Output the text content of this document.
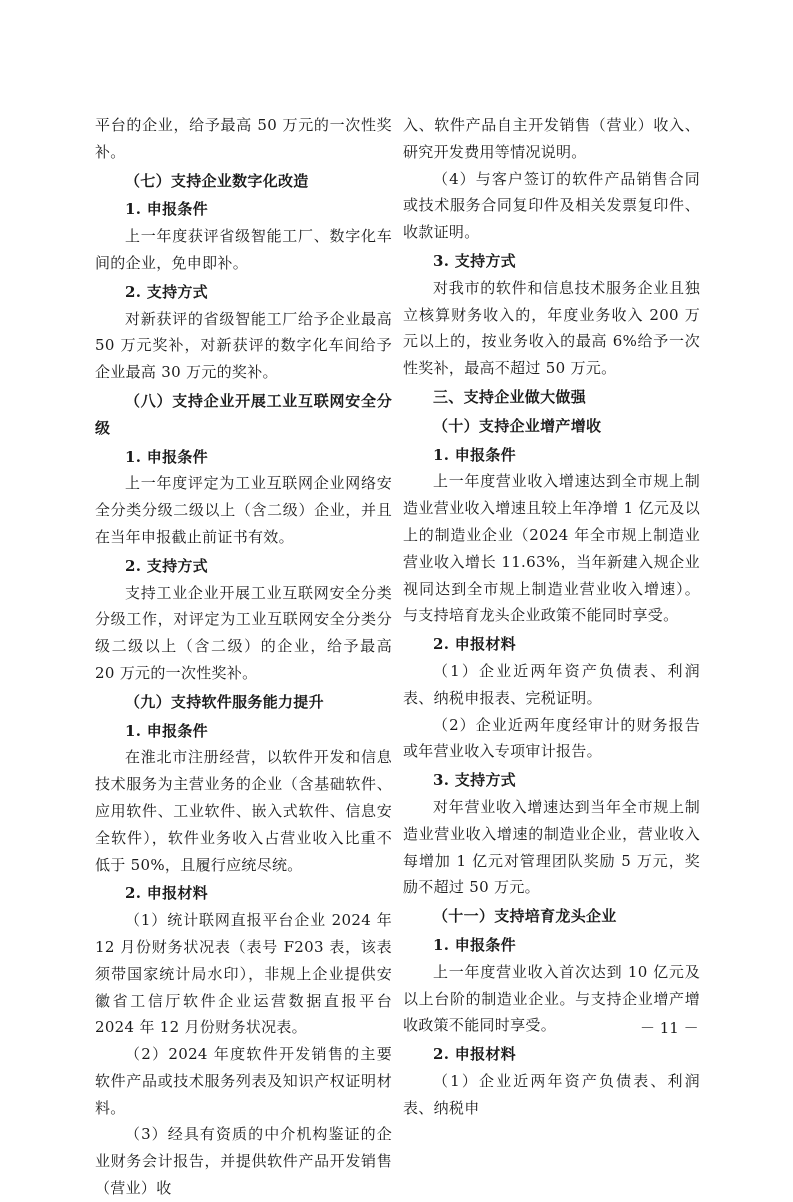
平台的企业，给予最高 50 万元的一次性奖补。

（七）支持企业数字化改造

1. 申报条件

上一年度获评省级智能工厂、数字化车间的企业，免申即补。

2. 支持方式

对新获评的省级智能工厂给予企业最高 50 万元奖补，对新获评的数字化车间给予企业最高 30 万元的奖补。

（八）支持企业开展工业互联网安全分级

1. 申报条件

上一年度评定为工业互联网企业网络安全分类分级二级以上（含二级）企业，并且在当年申报截止前证书有效。

2. 支持方式

支持工业企业开展工业互联网安全分类分级工作，对评定为工业互联网安全分类分级二级以上（含二级）的企业，给予最高 20 万元的一次性奖补。

（九）支持软件服务能力提升

1. 申报条件

在淮北市注册经营，以软件开发和信息技术服务为主营业务的企业（含基础软件、应用软件、工业软件、嵌入式软件、信息安全软件），软件业务收入占营业收入比重不低于 50%，且履行应统尽统。

2. 申报材料

（1）统计联网直报平台企业 2024 年 12 月份财务状况表（表号 F203 表，该表须带国家统计局水印），非规上企业提供安徽省工信厅软件企业运营数据直报平台 2024 年 12 月份财务状况表。

（2）2024 年度软件开发销售的主要软件产品或技术服务列表及知识产权证明材料。

（3）经具有资质的中介机构鉴证的企业财务会计报告，并提供软件产品开发销售（营业）收

入、软件产品自主开发销售（营业）收入、研究开发费用等情况说明。

（4）与客户签订的软件产品销售合同或技术服务合同复印件及相关发票复印件、收款证明。

3. 支持方式

对我市的软件和信息技术服务企业且独立核算财务收入的，年度业务收入 200 万元以上的，按业务收入的最高 6%给予一次性奖补，最高不超过 50 万元。

三、支持企业做大做强

（十）支持企业增产增收

1. 申报条件

上一年度营业收入增速达到全市规上制造业营业收入增速且较上年净增 1 亿元及以上的制造业企业（2024 年全市规上制造业营业收入增长 11.63%，当年新建入规企业视同达到全市规上制造业营业收入增速）。与支持培育龙头企业政策不能同时享受。

2. 申报材料

（1）企业近两年资产负债表、利润表、纳税申报表、完税证明。

（2）企业近两年度经审计的财务报告或年营业收入专项审计报告。

3. 支持方式

对年营业收入增速达到当年全市规上制造业营业收入增速的制造业企业，营业收入每增加 1 亿元对管理团队奖励 5 万元，奖励不超过 50 万元。

（十一）支持培育龙头企业

1. 申报条件

上一年度营业收入首次达到 10 亿元及以上台阶的制造业企业。与支持企业增产增收政策不能同时享受。

2. 申报材料

（1）企业近两年资产负债表、利润表、纳税申

－ 11 －
